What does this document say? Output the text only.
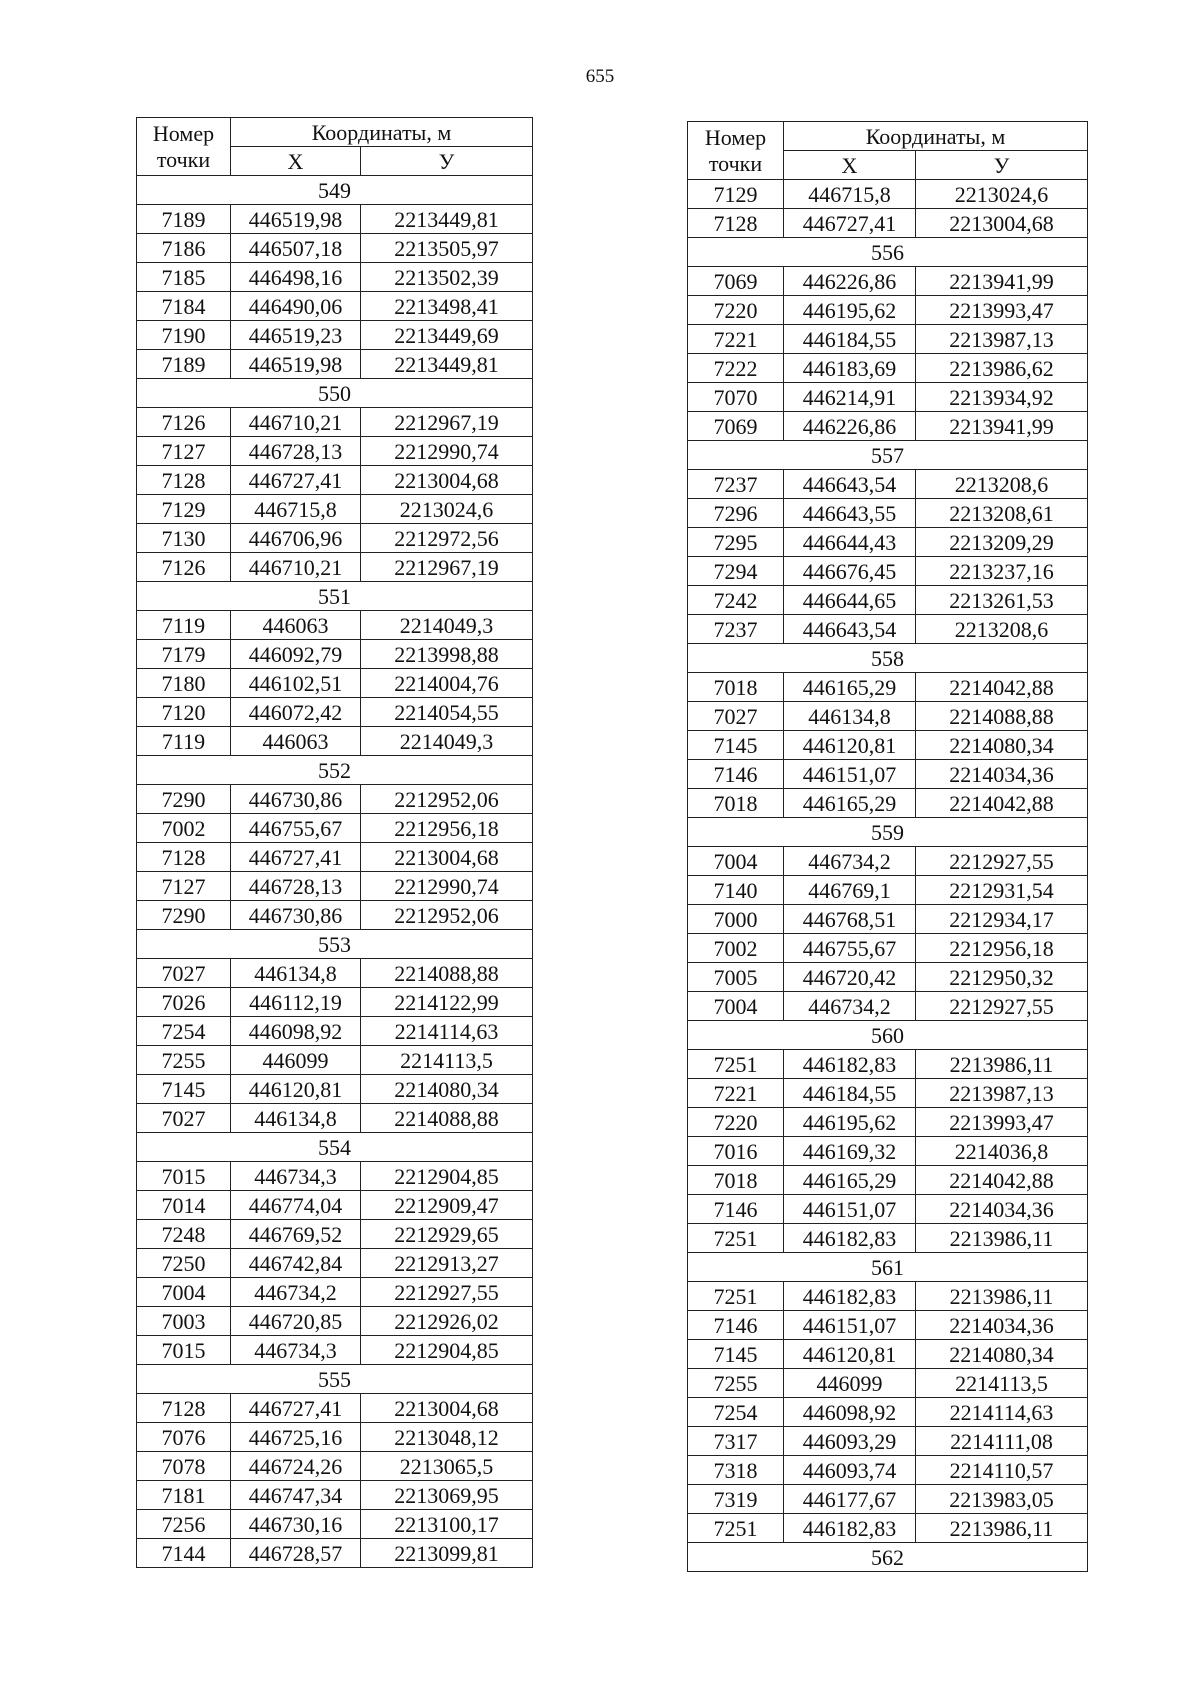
655
Номер
точки	Координаты, м	
	X	У
549		
7189	446519,98	2213449,81
7186	446507,18	2213505,97
7185	446498,16	2213502,39
7184	446490,06	2213498,41
7190	446519,23	2213449,69
7189	446519,98	2213449,81
550		
7126	446710,21	2212967,19
7127	446728,13	2212990,74
7128	446727,41	2213004,68
7129	446715,8	2213024,6
7130	446706,96	2212972,56
7126	446710,21	2212967,19
551		
7119	446063	2214049,3
7179	446092,79	2213998,88
7180	446102,51	2214004,76
7120	446072,42	2214054,55
7119	446063	2214049,3
552		
7290	446730,86	2212952,06
7002	446755,67	2212956,18
7128	446727,41	2213004,68
7127	446728,13	2212990,74
7290	446730,86	2212952,06
553		
7027	446134,8	2214088,88
7026	446112,19	2214122,99
7254	446098,92	2214114,63
7255	446099	2214113,5
7145	446120,81	2214080,34
7027	446134,8	2214088,88
554		
7015	446734,3	2212904,85
7014	446774,04	2212909,47
7248	446769,52	2212929,65
7250	446742,84	2212913,27
7004	446734,2	2212927,55
7003	446720,85	2212926,02
7015	446734,3	2212904,85
555		
7128	446727,41	2213004,68
7076	446725,16	2213048,12
7078	446724,26	2213065,5
7181	446747,34	2213069,95
7256	446730,16	2213100,17
7144	446728,57	2213099,81
Номер
точки	Координаты, м	
	X	У
7129	446715,8	2213024,6
7128	446727,41	2213004,68
556		
7069	446226,86	2213941,99
7220	446195,62	2213993,47
7221	446184,55	2213987,13
7222	446183,69	2213986,62
7070	446214,91	2213934,92
7069	446226,86	2213941,99
557		
7237	446643,54	2213208,6
7296	446643,55	2213208,61
7295	446644,43	2213209,29
7294	446676,45	2213237,16
7242	446644,65	2213261,53
7237	446643,54	2213208,6
558		
7018	446165,29	2214042,88
7027	446134,8	2214088,88
7145	446120,81	2214080,34
7146	446151,07	2214034,36
7018	446165,29	2214042,88
559		
7004	446734,2	2212927,55
7140	446769,1	2212931,54
7000	446768,51	2212934,17
7002	446755,67	2212956,18
7005	446720,42	2212950,32
7004	446734,2	2212927,55
560		
7251	446182,83	2213986,11
7221	446184,55	2213987,13
7220	446195,62	2213993,47
7016	446169,32	2214036,8
7018	446165,29	2214042,88
7146	446151,07	2214034,36
7251	446182,83	2213986,11
561		
7251	446182,83	2213986,11
7146	446151,07	2214034,36
7145	446120,81	2214080,34
7255	446099	2214113,5
7254	446098,92	2214114,63
7317	446093,29	2214111,08
7318	446093,74	2214110,57
7319	446177,67	2213983,05
7251	446182,83	2213986,11
562		
